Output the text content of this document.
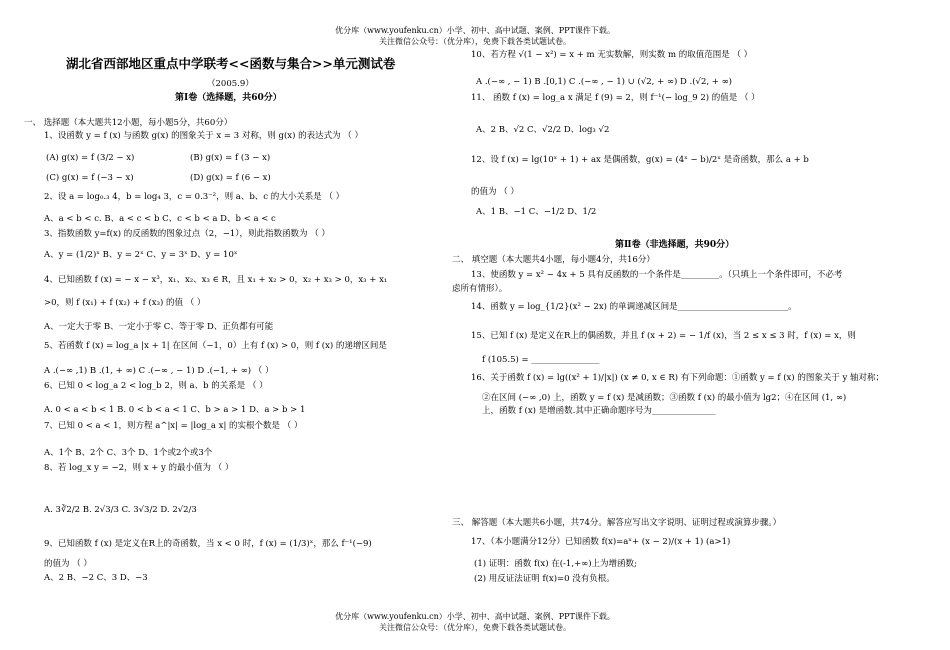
优分库（www.youfenku.cn）小学、初中、高中试题、案例、PPT课件下载。
关注微信公众号：（优分库），免费下载各类试题试卷。
湖北省西部地区重点中学联考<<函数与集合>>单元测试卷
（2005.9）
第Ⅰ卷（选择题，共60分）
第Ⅱ卷（非选择题，共90分）
一、 选择题（本大题共12小题，每小题5分，共60分）
1、设函数 y = f (x) 与函数 g(x) 的图象关于 x = 3 对称，则 g(x) 的表达式为 （ ）
(A) g(x) = f (3/2 − x)	(B) g(x) = f (3 − x)
(C) g(x) = f (−3 − x)	(D) g(x) = f (6 − x)
2、设 a = log₀.₃ 4，b = log₄ 3，c = 0.3⁻²，则 a、b、c 的大小关系是 （ ）
A、a < b < c. B、a < c < b C、c < b < a D、b < a < c
3、指数函数 y=f(x) 的反函数的图象过点（2，−1），则此指数函数为 （ ）
A、y = (1/2)ˣ B、y = 2ˣ C、y = 3ˣ D、y = 10ˣ
4、已知函数 f (x) = − x − x³，x₁、x₂、x₃ ∈ R，且 x₁ + x₂ > 0，x₂ + x₃ > 0，x₃ + x₁
>0，则 f (x₁) + f (x₂) + f (x₃) 的值 （ ）
A、一定大于零 B、一定小于零 C、等于零 D、正负都有可能
5、若函数 f (x) = log_a |x + 1| 在区间（−1，0）上有 f (x) > 0，则 f (x) 的递增区间是
A .(−∞ ,1) B .(1, + ∞) C .(−∞ , − 1) D .(−1, + ∞) （ ）
6、已知 0 < log_a 2 < log_b 2，则 a、b 的关系是 （ ）
A. 0 < a < b < 1 B. 0 < b < a < 1 C、b > a > 1 D、a > b > 1
7、已知 0 < a < 1，则方程 a^|x| = |log_a x| 的实根个数是 （ ）
A、1个 B、2个 C、3个 D、1个或2个或3个
8、若 log_x y = −2，则 x + y 的最小值为 （ ）
A. 3∛2/2 B. 2√3/3 C. 3√3/2 D. 2√2/3
9、已知函数 f (x) 是定义在R上的奇函数，当 x < 0 时，f (x) = (1/3)ˣ，那么 f⁻¹(−9)
的值为 （ ）
A、2 B、−2 C、3 D、−3
10、若方程 √(1 − x²) = x + m 无实数解，则实数 m 的取值范围是 （ ）
A .(−∞ , − 1) B .[0,1) C .(−∞ , − 1) ∪ (√2, + ∞) D .(√2, + ∞)
11、 函数 f (x) = log_a x 满足 f (9) = 2，则 f⁻¹(− log_9 2) 的值是 （ ）
A、2 B、√2 C、√2/2 D、log₃ √2
12、设 f (x) = lg(10ˣ + 1) + ax 是偶函数，g(x) = (4ˣ − b)/2ˣ 是奇函数，那么 a + b
的值为 （ ）
A、1 B、−1 C、−1/2 D、1/2
二、 填空题（本大题共4小题，每小题4分，共16分）
13、使函数 y = x² − 4x + 5 具有反函数的一个条件是_________。（只填上一个条件即可，不必考
虑所有情形）。
14、函数 y = log_{1/2}(x² − 2x) 的单调递减区间是__________________________。
15、已知 f (x) 是定义在R上的偶函数，并且 f (x + 2) = − 1/f (x)，当 2 ≤ x ≤ 3 时，f (x) = x，则
f (105.5) = ________________
16、关于函数 f (x) = lg((x² + 1)/|x|) (x ≠ 0, x ∈ R) 有下列命题：①函数 y = f (x) 的图象关于 y 轴对称；
②在区间 (−∞ ,0) 上，函数 y = f (x) 是减函数；③函数 f (x) 的最小值为 lg2；④在区间 (1, ∞)
上，函数 f (x) 是增函数.其中正确命题序号为_______________
三、 解答题（本大题共6小题，共74分。解答应写出文字说明、证明过程或演算步骤。）
17、（本小题满分12分）已知函数 f(x)=aˣ+ (x − 2)/(x + 1) (a>1)
(1) 证明：函数 f(x) 在(-1,+∞)上为增函数;
(2) 用反证法证明 f(x)=0 没有负根。
优分库（www.youfenku.cn）小学、初中、高中试题、案例、PPT课件下载。
关注微信公众号：（优分库），免费下载各类试题试卷。
